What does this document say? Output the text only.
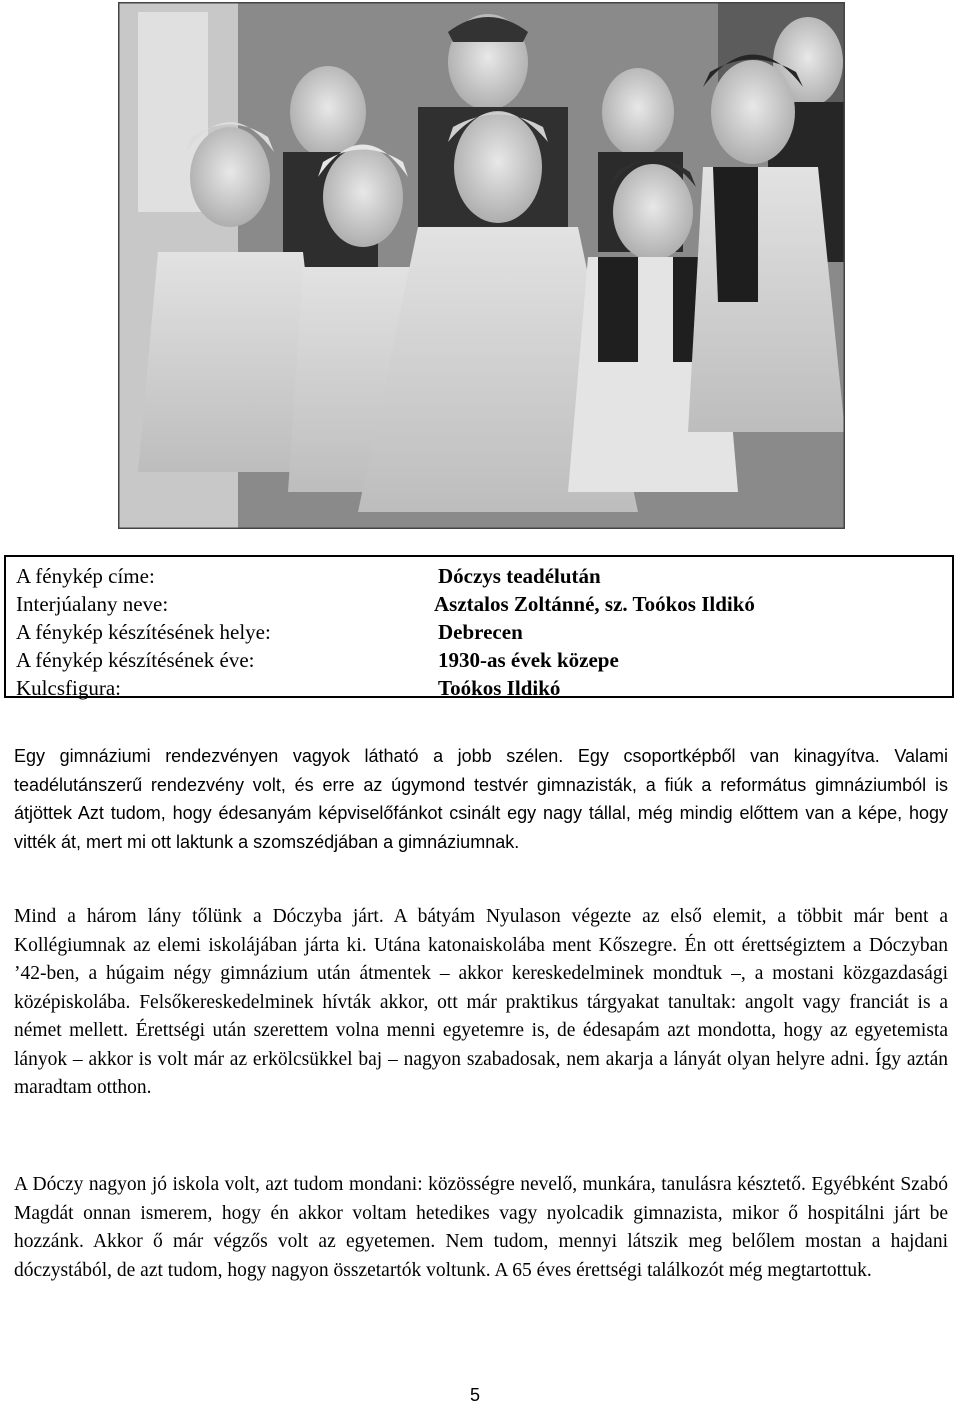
A fénykép címe:	Dóczys teadélután
Interjúalany neve:	Asztalos Zoltánné, sz. Toókos Ildikó
A fénykép készítésének helye:	Debrecen
A fénykép készítésének éve:	1930-as évek közepe
Kulcsfigura:	Toókos Ildikó
Egy gimnáziumi rendezvényen vagyok látható a jobb szélen. Egy csoportképből van kinagyítva. Valami teadélutánszerű rendezvény volt, és erre az úgymond testvér gimnazisták, a fiúk a református gimnáziumból is átjöttek Azt tudom, hogy édesanyám képviselőfánkot csinált egy nagy tállal, még mindig előttem van a képe, hogy vitték át, mert mi ott laktunk a szomszédjában a gimnáziumnak.
Mind a három lány tőlünk a Dóczyba járt. A bátyám Nyulason végezte az első elemit, a többit már bent a Kollégiumnak az elemi iskolájában járta ki. Utána katonaiskolába ment Kőszegre. Én ott érettségiztem a Dóczyban ’42-ben, a húgaim négy gimnázium után átmentek – akkor kereskedelminek mondtuk –, a mostani közgazdasági középiskolába. Felsőkereskedelminek hívták akkor, ott már praktikus tárgyakat tanultak: angolt vagy franciát is a német mellett. Érettségi után szerettem volna menni egyetemre is, de édesapám azt mondotta, hogy az egyetemista lányok – akkor is volt már az erkölcsükkel baj – nagyon szabadosak, nem akarja a lányát olyan helyre adni. Így aztán maradtam otthon.
A Dóczy nagyon jó iskola volt, azt tudom mondani: közösségre nevelő, munkára, tanulásra késztető. Egyébként Szabó Magdát onnan ismerem, hogy én akkor voltam hetedikes vagy nyolcadik gimnazista, mikor ő hospitálni járt be hozzánk. Akkor ő már végzős volt az egyetemen. Nem tudom, mennyi látszik meg belőlem mostan a hajdani dóczystából, de azt tudom, hogy nagyon összetartók voltunk. A 65 éves érettségi találkozót még megtartottuk.
5
